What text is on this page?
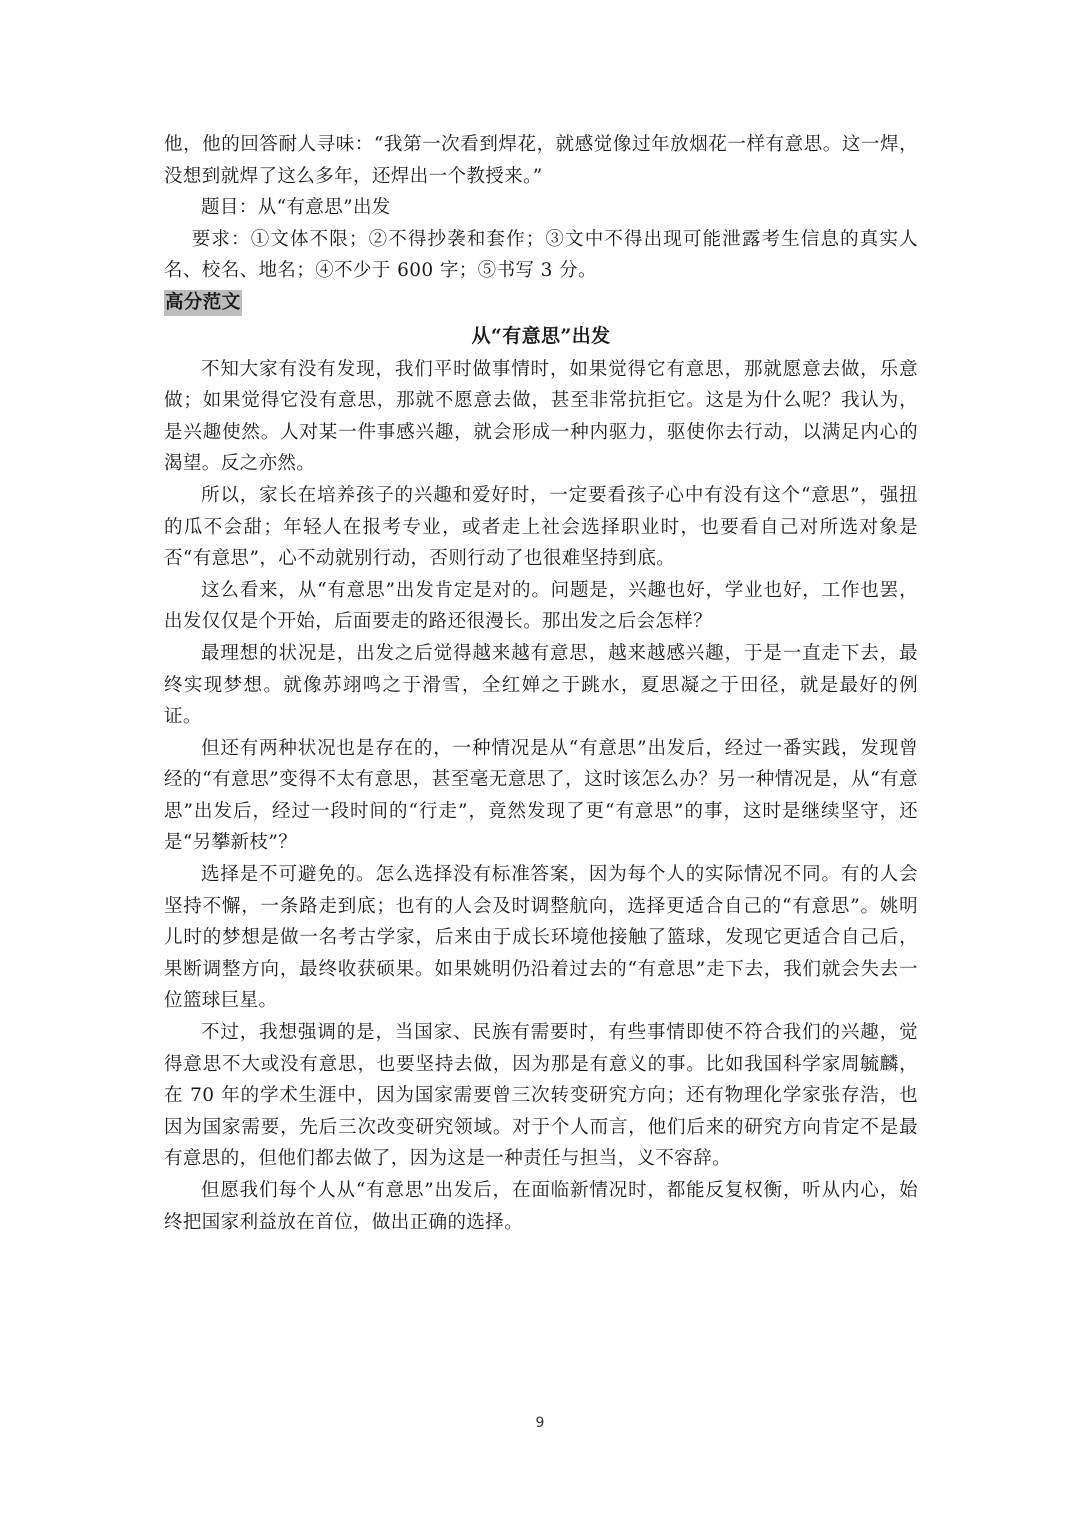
他，他的回答耐人寻味：“我第一次看到焊花，就感觉像过年放烟花一样有意思。这一焊，没想到就焊了这么多年，还焊出一个教授来。”

题目：从“有意思”出发

要求：①文体不限；②不得抄袭和套作；③文中不得出现可能泄露考生信息的真实人名、校名、地名；④不少于 600 字；⑤书写 3 分。

高分范文

从“有意思”出发

不知大家有没有发现，我们平时做事情时，如果觉得它有意思，那就愿意去做，乐意做；如果觉得它没有意思，那就不愿意去做，甚至非常抗拒它。这是为什么呢？我认为，是兴趣使然。人对某一件事感兴趣，就会形成一种内驱力，驱使你去行动，以满足内心的渴望。反之亦然。

所以，家长在培养孩子的兴趣和爱好时，一定要看孩子心中有没有这个“意思”，强扭的瓜不会甜；年轻人在报考专业，或者走上社会选择职业时，也要看自己对所选对象是否“有意思”，心不动就别行动，否则行动了也很难坚持到底。

这么看来，从“有意思”出发肯定是对的。问题是，兴趣也好，学业也好，工作也罢，出发仅仅是个开始，后面要走的路还很漫长。那出发之后会怎样？

最理想的状况是，出发之后觉得越来越有意思，越来越感兴趣，于是一直走下去，最终实现梦想。就像苏翊鸣之于滑雪，全红婵之于跳水，夏思凝之于田径，就是最好的例证。

但还有两种状况也是存在的，一种情况是从“有意思”出发后，经过一番实践，发现曾经的“有意思”变得不太有意思，甚至毫无意思了，这时该怎么办？另一种情况是，从“有意思”出发后，经过一段时间的“行走”，竟然发现了更“有意思”的事，这时是继续坚守，还是“另攀新枝”？

选择是不可避免的。怎么选择没有标准答案，因为每个人的实际情况不同。有的人会坚持不懈，一条路走到底；也有的人会及时调整航向，选择更适合自己的“有意思”。姚明儿时的梦想是做一名考古学家，后来由于成长环境他接触了篮球，发现它更适合自己后，果断调整方向，最终收获硕果。如果姚明仍沿着过去的“有意思”走下去，我们就会失去一位篮球巨星。

不过，我想强调的是，当国家、民族有需要时，有些事情即使不符合我们的兴趣，觉得意思不大或没有意思，也要坚持去做，因为那是有意义的事。比如我国科学家周毓麟，在 70 年的学术生涯中，因为国家需要曾三次转变研究方向；还有物理化学家张存浩，也因为国家需要，先后三次改变研究领域。对于个人而言，他们后来的研究方向肯定不是最有意思的，但他们都去做了，因为这是一种责任与担当，义不容辞。

但愿我们每个人从“有意思”出发后，在面临新情况时，都能反复权衡，听从内心，始终把国家利益放在首位，做出正确的选择。

9
